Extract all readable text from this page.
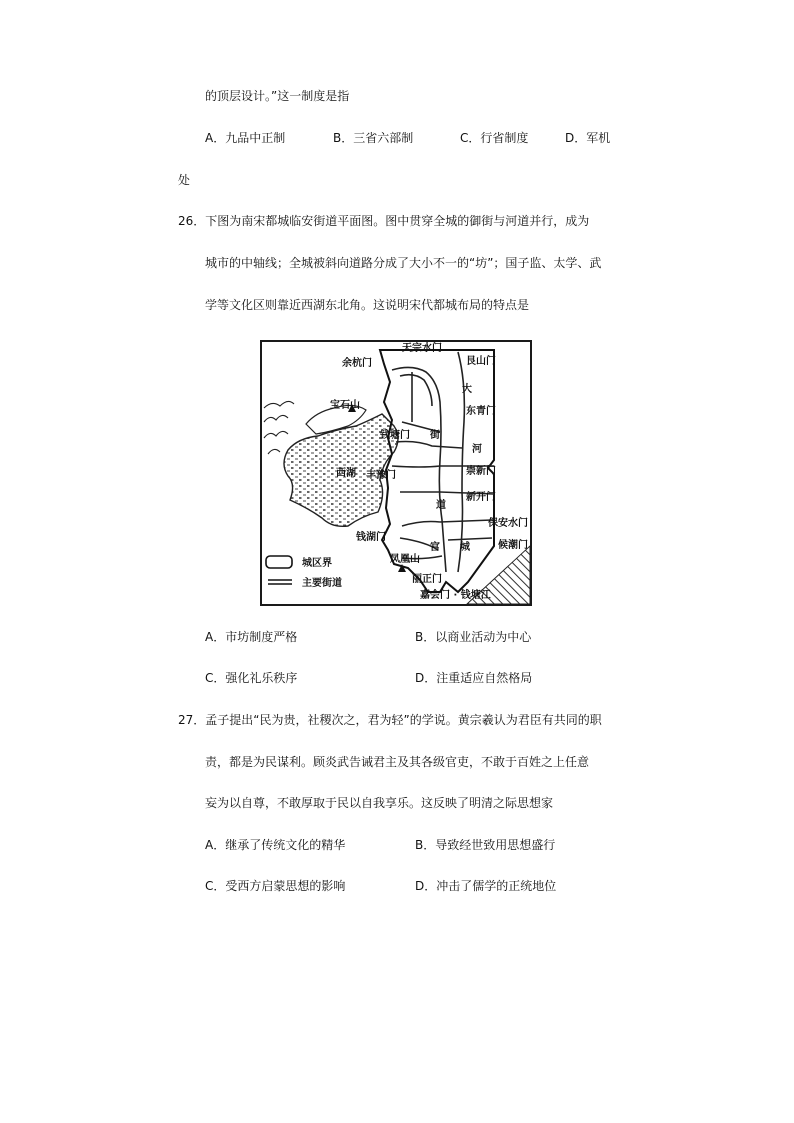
的顶层设计。”这一制度是指
A．九品中正制	B．三省六部制	C．行省制度	D．军机
处
26．下图为南宋都城临安街道平面图。图中贯穿全城的御街与河道并行，成为
城市的中轴线；全城被斜向道路分成了大小不一的“坊”；国子监、太学、武
学等文化区则靠近西湖东北角。这说明宋代都城布局的特点是
天宗水门
艮山门
余杭门
大
东青门
宝石山
钱塘门 街
河
崇新门
西湖 丰豫门
新开门
道
保安水门
钱湖门
候潮门
宫 城
凤凰山
丽正门
嘉会门 · 钱塘江
城区界
主要街道
A．市坊制度严格	B．以商业活动为中心
C．强化礼乐秩序	D．注重适应自然格局
27．孟子提出“民为贵，社稷次之，君为轻”的学说。黄宗羲认为君臣有共同的职
责，都是为民谋利。顾炎武告诫君主及其各级官吏，不敢于百姓之上任意
妄为以自尊，不敢厚取于民以自我享乐。这反映了明清之际思想家
A．继承了传统文化的精华	B．导致经世致用思想盛行
C．受西方启蒙思想的影响	D．冲击了儒学的正统地位
